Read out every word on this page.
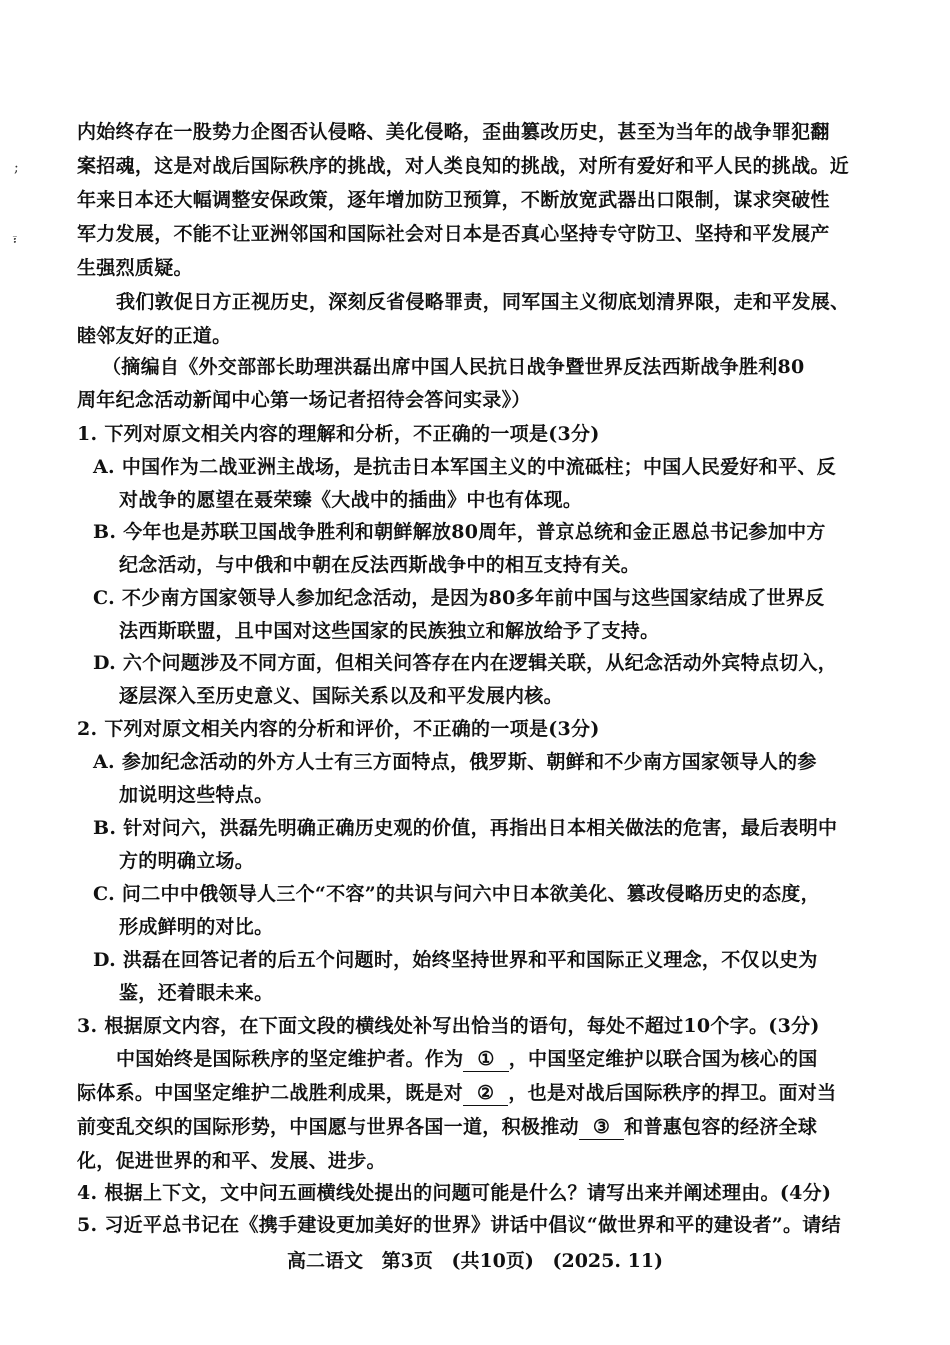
;
፣
内始终存在一股势力企图否认侵略、美化侵略，歪曲篡改历史，甚至为当年的战争罪犯翻
案招魂，这是对战后国际秩序的挑战，对人类良知的挑战，对所有爱好和平人民的挑战。近
年来日本还大幅调整安保政策，逐年增加防卫预算，不断放宽武器出口限制，谋求突破性
军力发展，不能不让亚洲邻国和国际社会对日本是否真心坚持专守防卫、坚持和平发展产
生强烈质疑。
我们敦促日方正视历史，深刻反省侵略罪责，同军国主义彻底划清界限，走和平发展、
睦邻友好的正道。
（摘编自《外交部部长助理洪磊出席中国人民抗日战争暨世界反法西斯战争胜利80
周年纪念活动新闻中心第一场记者招待会答问实录》）
1. 下列对原文相关内容的理解和分析，不正确的一项是(3分)
A. 中国作为二战亚洲主战场，是抗击日本军国主义的中流砥柱；中国人民爱好和平、反
对战争的愿望在聂荣臻《大战中的插曲》中也有体现。
B. 今年也是苏联卫国战争胜利和朝鲜解放80周年，普京总统和金正恩总书记参加中方
纪念活动，与中俄和中朝在反法西斯战争中的相互支持有关。
C. 不少南方国家领导人参加纪念活动，是因为80多年前中国与这些国家结成了世界反
法西斯联盟，且中国对这些国家的民族独立和解放给予了支持。
D. 六个问题涉及不同方面，但相关问答存在内在逻辑关联，从纪念活动外宾特点切入，
逐层深入至历史意义、国际关系以及和平发展内核。
2. 下列对原文相关内容的分析和评价，不正确的一项是(3分)
A. 参加纪念活动的外方人士有三方面特点，俄罗斯、朝鲜和不少南方国家领导人的参
加说明这些特点。
B. 针对问六，洪磊先明确正确历史观的价值，再指出日本相关做法的危害，最后表明中
方的明确立场。
C. 问二中中俄领导人三个“不容”的共识与问六中日本欲美化、篡改侵略历史的态度，
形成鲜明的对比。
D. 洪磊在回答记者的后五个问题时，始终坚持世界和平和国际正义理念，不仅以史为
鉴，还着眼未来。
3. 根据原文内容，在下面文段的横线处补写出恰当的语句，每处不超过10个字。(3分)
中国始终是国际秩序的坚定维护者。作为 ① ，中国坚定维护以联合国为核心的国
际体系。中国坚定维护二战胜利成果，既是对 ② ，也是对战后国际秩序的捍卫。面对当
前变乱交织的国际形势，中国愿与世界各国一道，积极推动 ③ 和普惠包容的经济全球
化，促进世界的和平、发展、进步。
4. 根据上下文，文中问五画横线处提出的问题可能是什么？请写出来并阐述理由。(4分)
5. 习近平总书记在《携手建设更加美好的世界》讲话中倡议“做世界和平的建设者”。请结
高二语文 第3页 (共10页) (2025. 11)
